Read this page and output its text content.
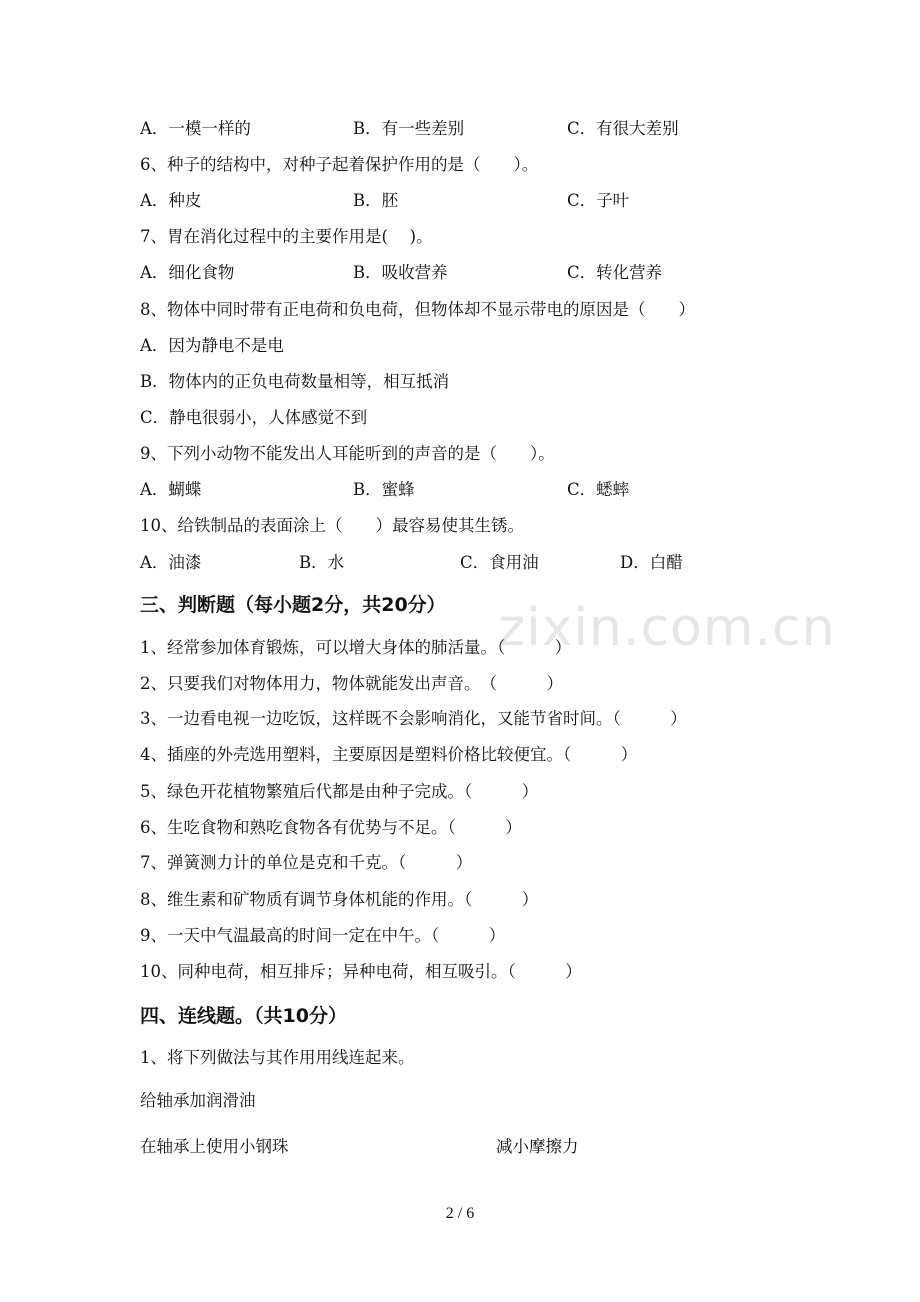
zixin.com.cn
A．一模一样的	B．有一些差别	C．有很大差别
6、种子的结构中，对种子起着保护作用的是（　　）。
A．种皮	B．胚	C．子叶
7、胃在消化过程中的主要作用是(　 )。
A．细化食物	B．吸收营养	C．转化营养
8、物体中同时带有正电荷和负电荷，但物体却不显示带电的原因是（　　）
A．因为静电不是电
B．物体内的正负电荷数量相等，相互抵消
C．静电很弱小，人体感觉不到
9、下列小动物不能发出人耳能听到的声音的是（　　）。
A．蝴蝶	B．蜜蜂	C．蟋蟀
10、给铁制品的表面涂上（　　）最容易使其生锈。
A．油漆	B．水	C．食用油	D．白醋
三、判断题（每小题2分，共20分）
1、经常参加体育锻炼，可以增大身体的肺活量。（　　　）
2、只要我们对物体用力，物体就能发出声音。　（　　　）
3、一边看电视一边吃饭，这样既不会影响消化，又能节省时间。（　　　）
4、插座的外壳选用塑料，主要原因是塑料价格比较便宜。（　　　）
5、绿色开花植物繁殖后代都是由种子完成。（　　　）
6、生吃食物和熟吃食物各有优势与不足。（　　　）
7、弹簧测力计的单位是克和千克。（　　　）
8、维生素和矿物质有调节身体机能的作用。（　　　）
9、一天中气温最高的时间一定在中午。（　　　）
10、同种电荷，相互排斥；异种电荷，相互吸引。（　　　）
四、连线题。（共10分）
1、将下列做法与其作用用线连起来。
给轴承加润滑油
在轴承上使用小钢珠	减小摩擦力
2 / 6
